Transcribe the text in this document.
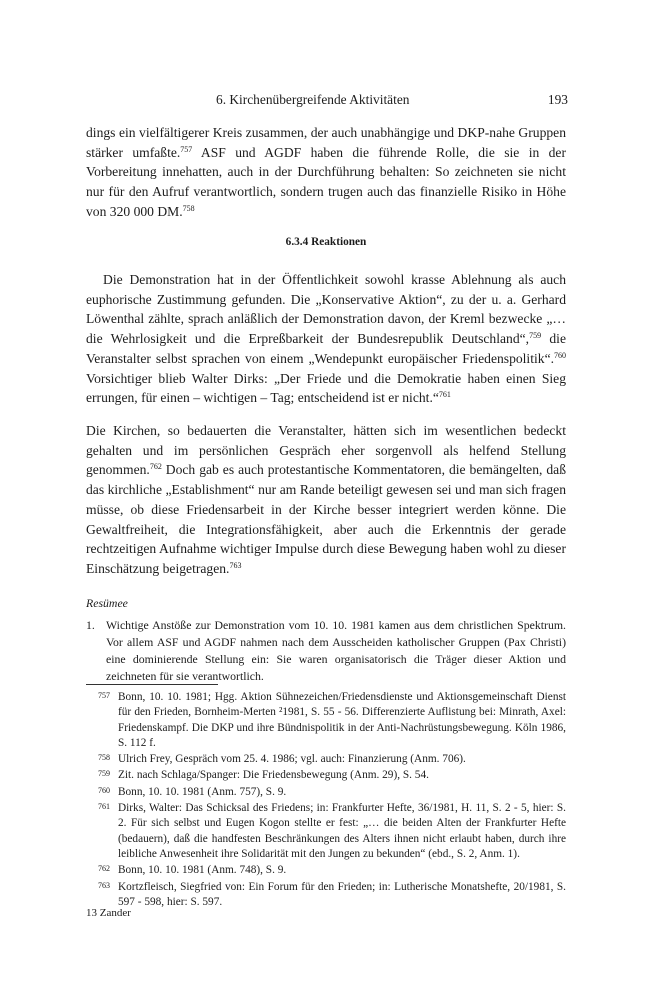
6. Kirchenübergreifende Aktivitäten	193

dings ein vielfältigerer Kreis zusammen, der auch unabhängige und DKP-nahe Gruppen stärker umfaßte.$^{757}$ ASF und AGDF haben die führende Rolle, die sie in der Vorbereitung innehatten, auch in der Durchführung behalten: So zeichneten sie nicht nur für den Aufruf verantwortlich, sondern trugen auch das finanzielle Risiko in Höhe von 320 000 DM.$^{758}$

6.3.4 Reaktionen

Die Demonstration hat in der Öffentlichkeit sowohl krasse Ablehnung als auch euphorische Zustimmung gefunden. Die „Konservative Aktion“, zu der u. a. Gerhard Löwenthal zählte, sprach anläßlich der Demonstration davon, der Kreml bezwecke „… die Wehrlosigkeit und die Erpreßbarkeit der Bundesrepublik Deutschland“,$^{759}$ die Veranstalter selbst sprachen von einem „Wendepunkt europäischer Friedenspolitik“.$^{760}$ Vorsichtiger blieb Walter Dirks: „Der Friede und die Demokratie haben einen Sieg errungen, für einen – wichtigen – Tag; entscheidend ist er nicht.“$^{761}$

Die Kirchen, so bedauerten die Veranstalter, hätten sich im wesentlichen bedeckt gehalten und im persönlichen Gespräch eher sorgenvoll als helfend Stellung genommen.$^{762}$ Doch gab es auch protestantische Kommentatoren, die bemängelten, daß das kirchliche „Establishment“ nur am Rande beteiligt gewesen sei und man sich fragen müsse, ob diese Friedensarbeit in der Kirche besser integriert werden könne. Die Gewaltfreiheit, die Integrationsfähigkeit, aber auch die Erkenntnis der gerade rechtzeitigen Aufnahme wichtiger Impulse durch diese Bewegung haben wohl zu dieser Einschätzung beigetragen.$^{763}$

Resümee
1. Wichtige Anstöße zur Demonstration vom 10. 10. 1981 kamen aus dem christlichen Spektrum. Vor allem ASF und AGDF nahmen nach dem Ausscheiden katholischer Gruppen (Pax Christi) eine dominierende Stellung ein: Sie waren organisatorisch die Träger dieser Aktion und zeichneten für sie verantwortlich.
757 Bonn, 10. 10. 1981; Hgg. Aktion Sühnezeichen/Friedensdienste und Aktionsgemeinschaft Dienst für den Frieden, Bornheim-Merten ²1981, S. 55 - 56. Differenzierte Auflistung bei: Minrath, Axel: Friedenskampf. Die DKP und ihre Bündnispolitik in der Anti-Nachrüstungsbewegung. Köln 1986, S. 112 f.
758 Ulrich Frey, Gespräch vom 25. 4. 1986; vgl. auch: Finanzierung (Anm. 706).
759 Zit. nach Schlaga/Spanger: Die Friedensbewegung (Anm. 29), S. 54.
760 Bonn, 10. 10. 1981 (Anm. 757), S. 9.
761 Dirks, Walter: Das Schicksal des Friedens; in: Frankfurter Hefte, 36/1981, H. 11, S. 2 - 5, hier: S. 2. Für sich selbst und Eugen Kogon stellte er fest: „… die beiden Alten der Frankfurter Hefte (bedauern), daß die handfesten Beschränkungen des Alters ihnen nicht erlaubt haben, durch ihre leibliche Anwesenheit ihre Solidarität mit den Jungen zu bekunden“ (ebd., S. 2, Anm. 1).
762 Bonn, 10. 10. 1981 (Anm. 748), S. 9.
763 Kortzfleisch, Siegfried von: Ein Forum für den Frieden; in: Lutherische Monatshefte, 20/1981, S. 597 - 598, hier: S. 597.
13 Zander
